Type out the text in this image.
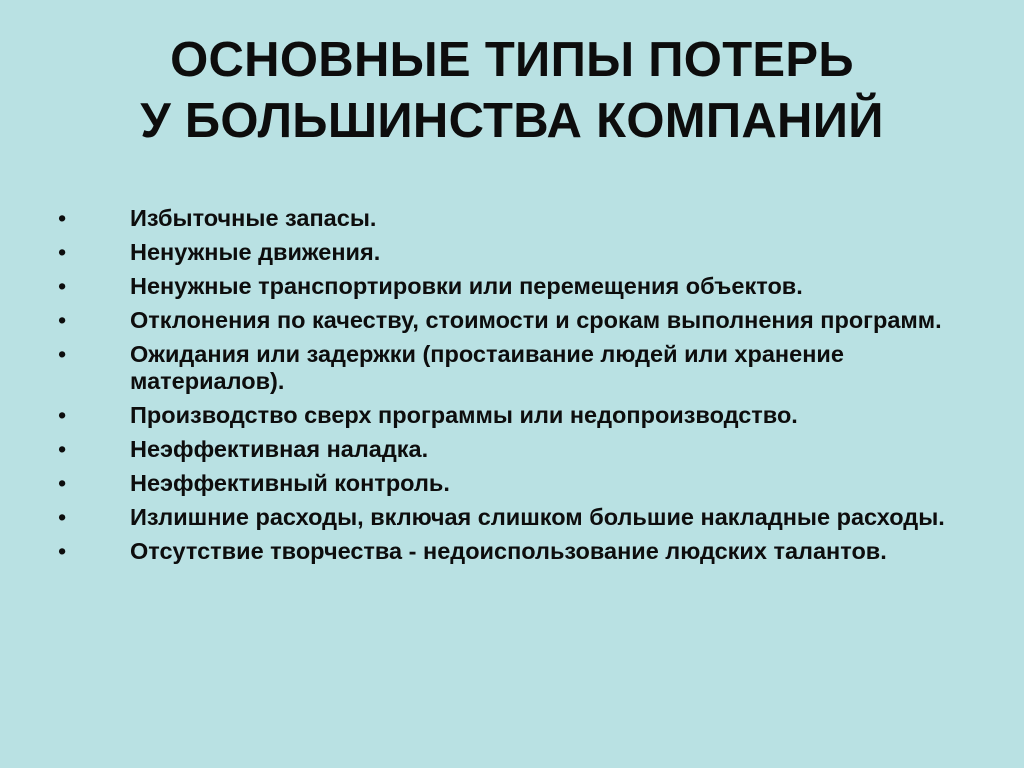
ОСНОВНЫЕ ТИПЫ ПОТЕРЬ
У БОЛЬШИНСТВА КОМПАНИЙ
•	Избыточные запасы.
•	Ненужные движения.
•	Ненужные транспортировки или перемещения объектов.
•	Отклонения по качеству, стоимости и срокам выполнения программ.
•	Ожидания или задержки (простаивание людей или хранение материалов).
•	Производство сверх программы или недопроизводство.
•	Неэффективная наладка.
•	Неэффективный контроль.
•	Излишние расходы, включая слишком большие накладные расходы.
•	Отсутствие творчества - недоиспользование людских талантов.
